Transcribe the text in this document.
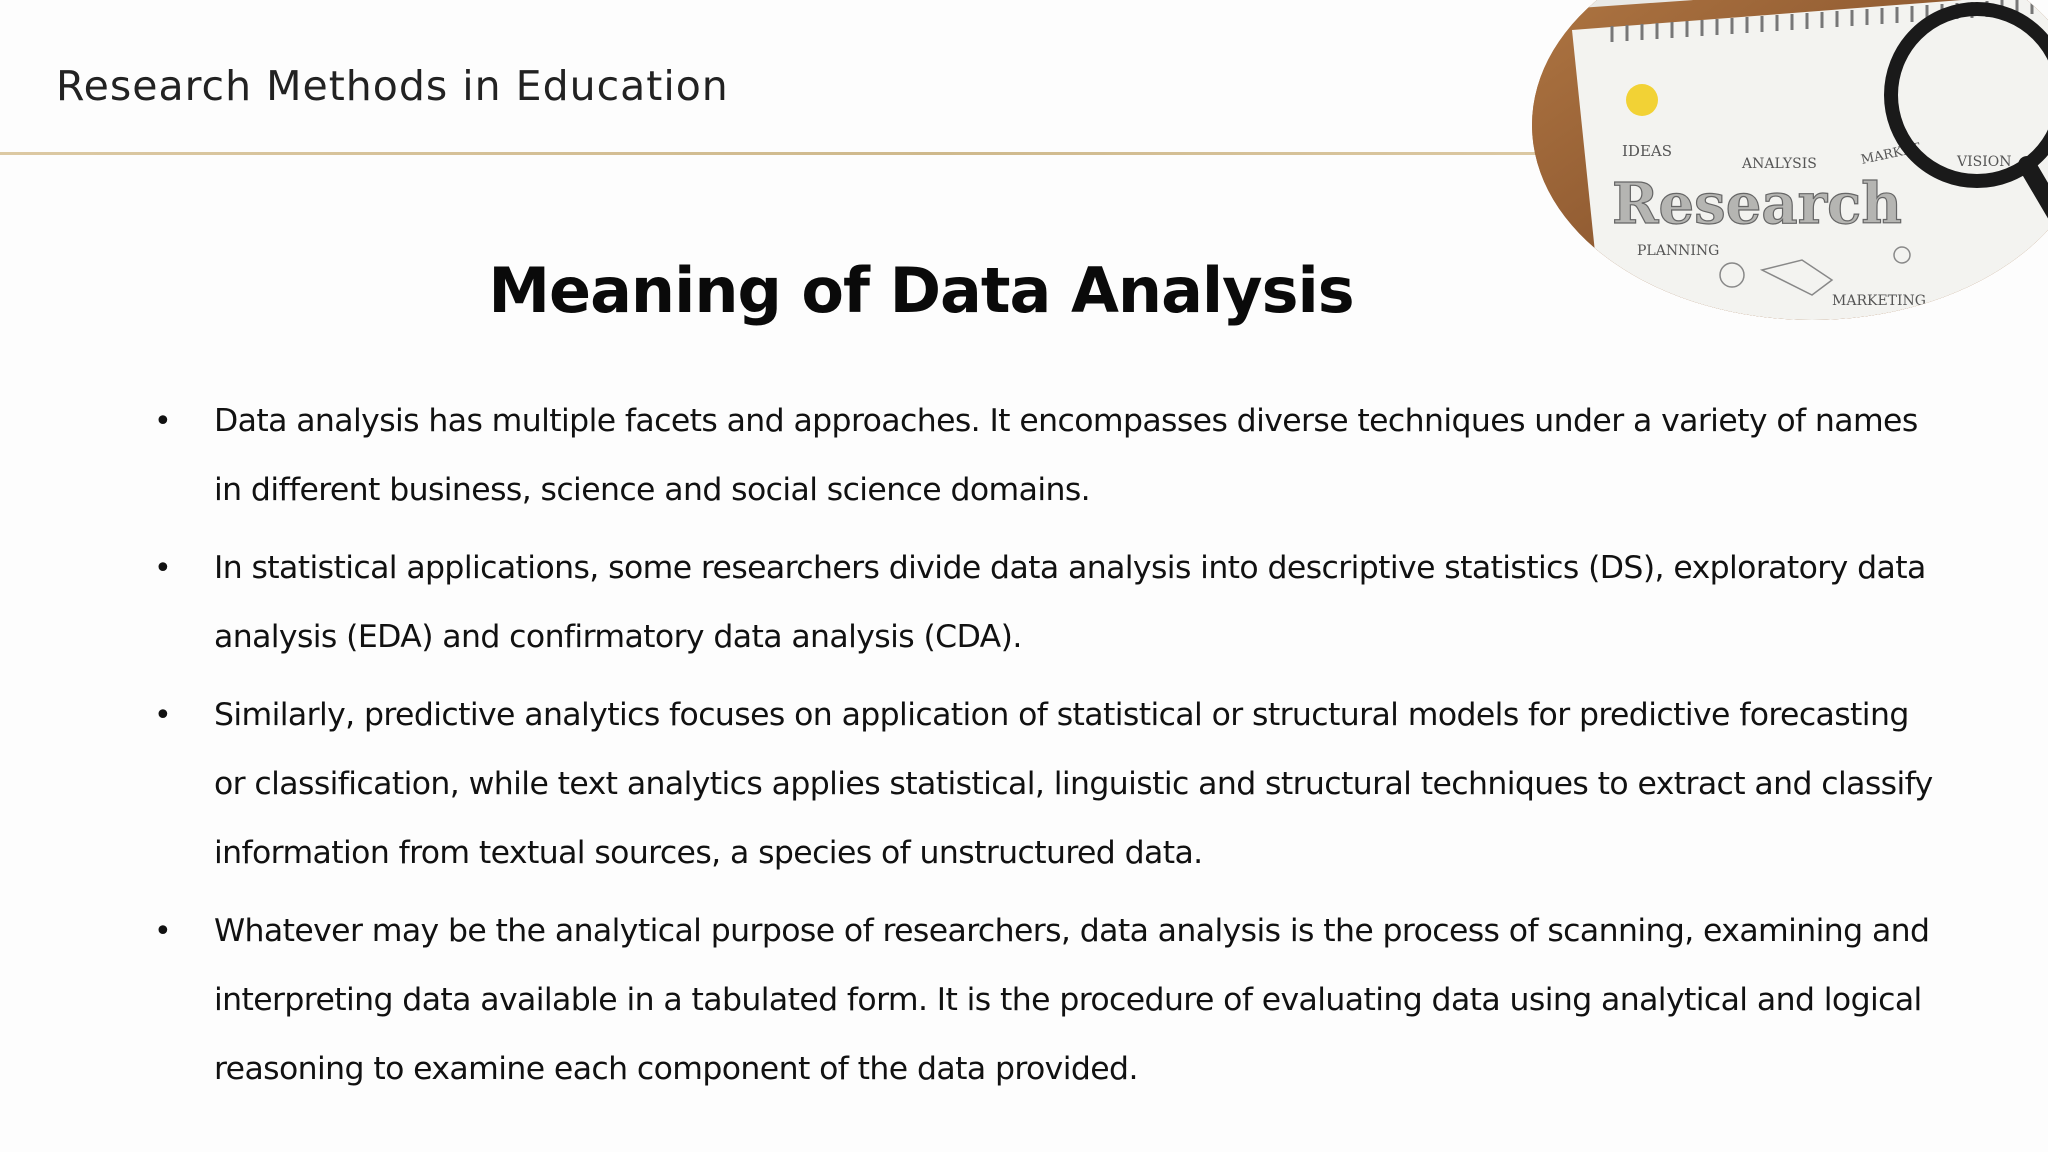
Research Methods in Education
IDEAS
ANALYSIS	MARKET	VISION
Research
PLANNING
MARKETING
Meaning of Data Analysis
• Data analysis has multiple facets and approaches. It encompasses diverse techniques under a variety of names in different business, science and social science domains.
• In statistical applications, some researchers divide data analysis into descriptive statistics (DS), exploratory data analysis (EDA) and confirmatory data analysis (CDA).
• Similarly, predictive analytics focuses on application of statistical or structural models for predictive forecasting or classification, while text analytics applies statistical, linguistic and structural techniques to extract and classify information from textual sources, a species of unstructured data.
• Whatever may be the analytical purpose of researchers, data analysis is the process of scanning, examining and interpreting data available in a tabulated form. It is the procedure of evaluating data using analytical and logical reasoning to examine each component of the data provided.
